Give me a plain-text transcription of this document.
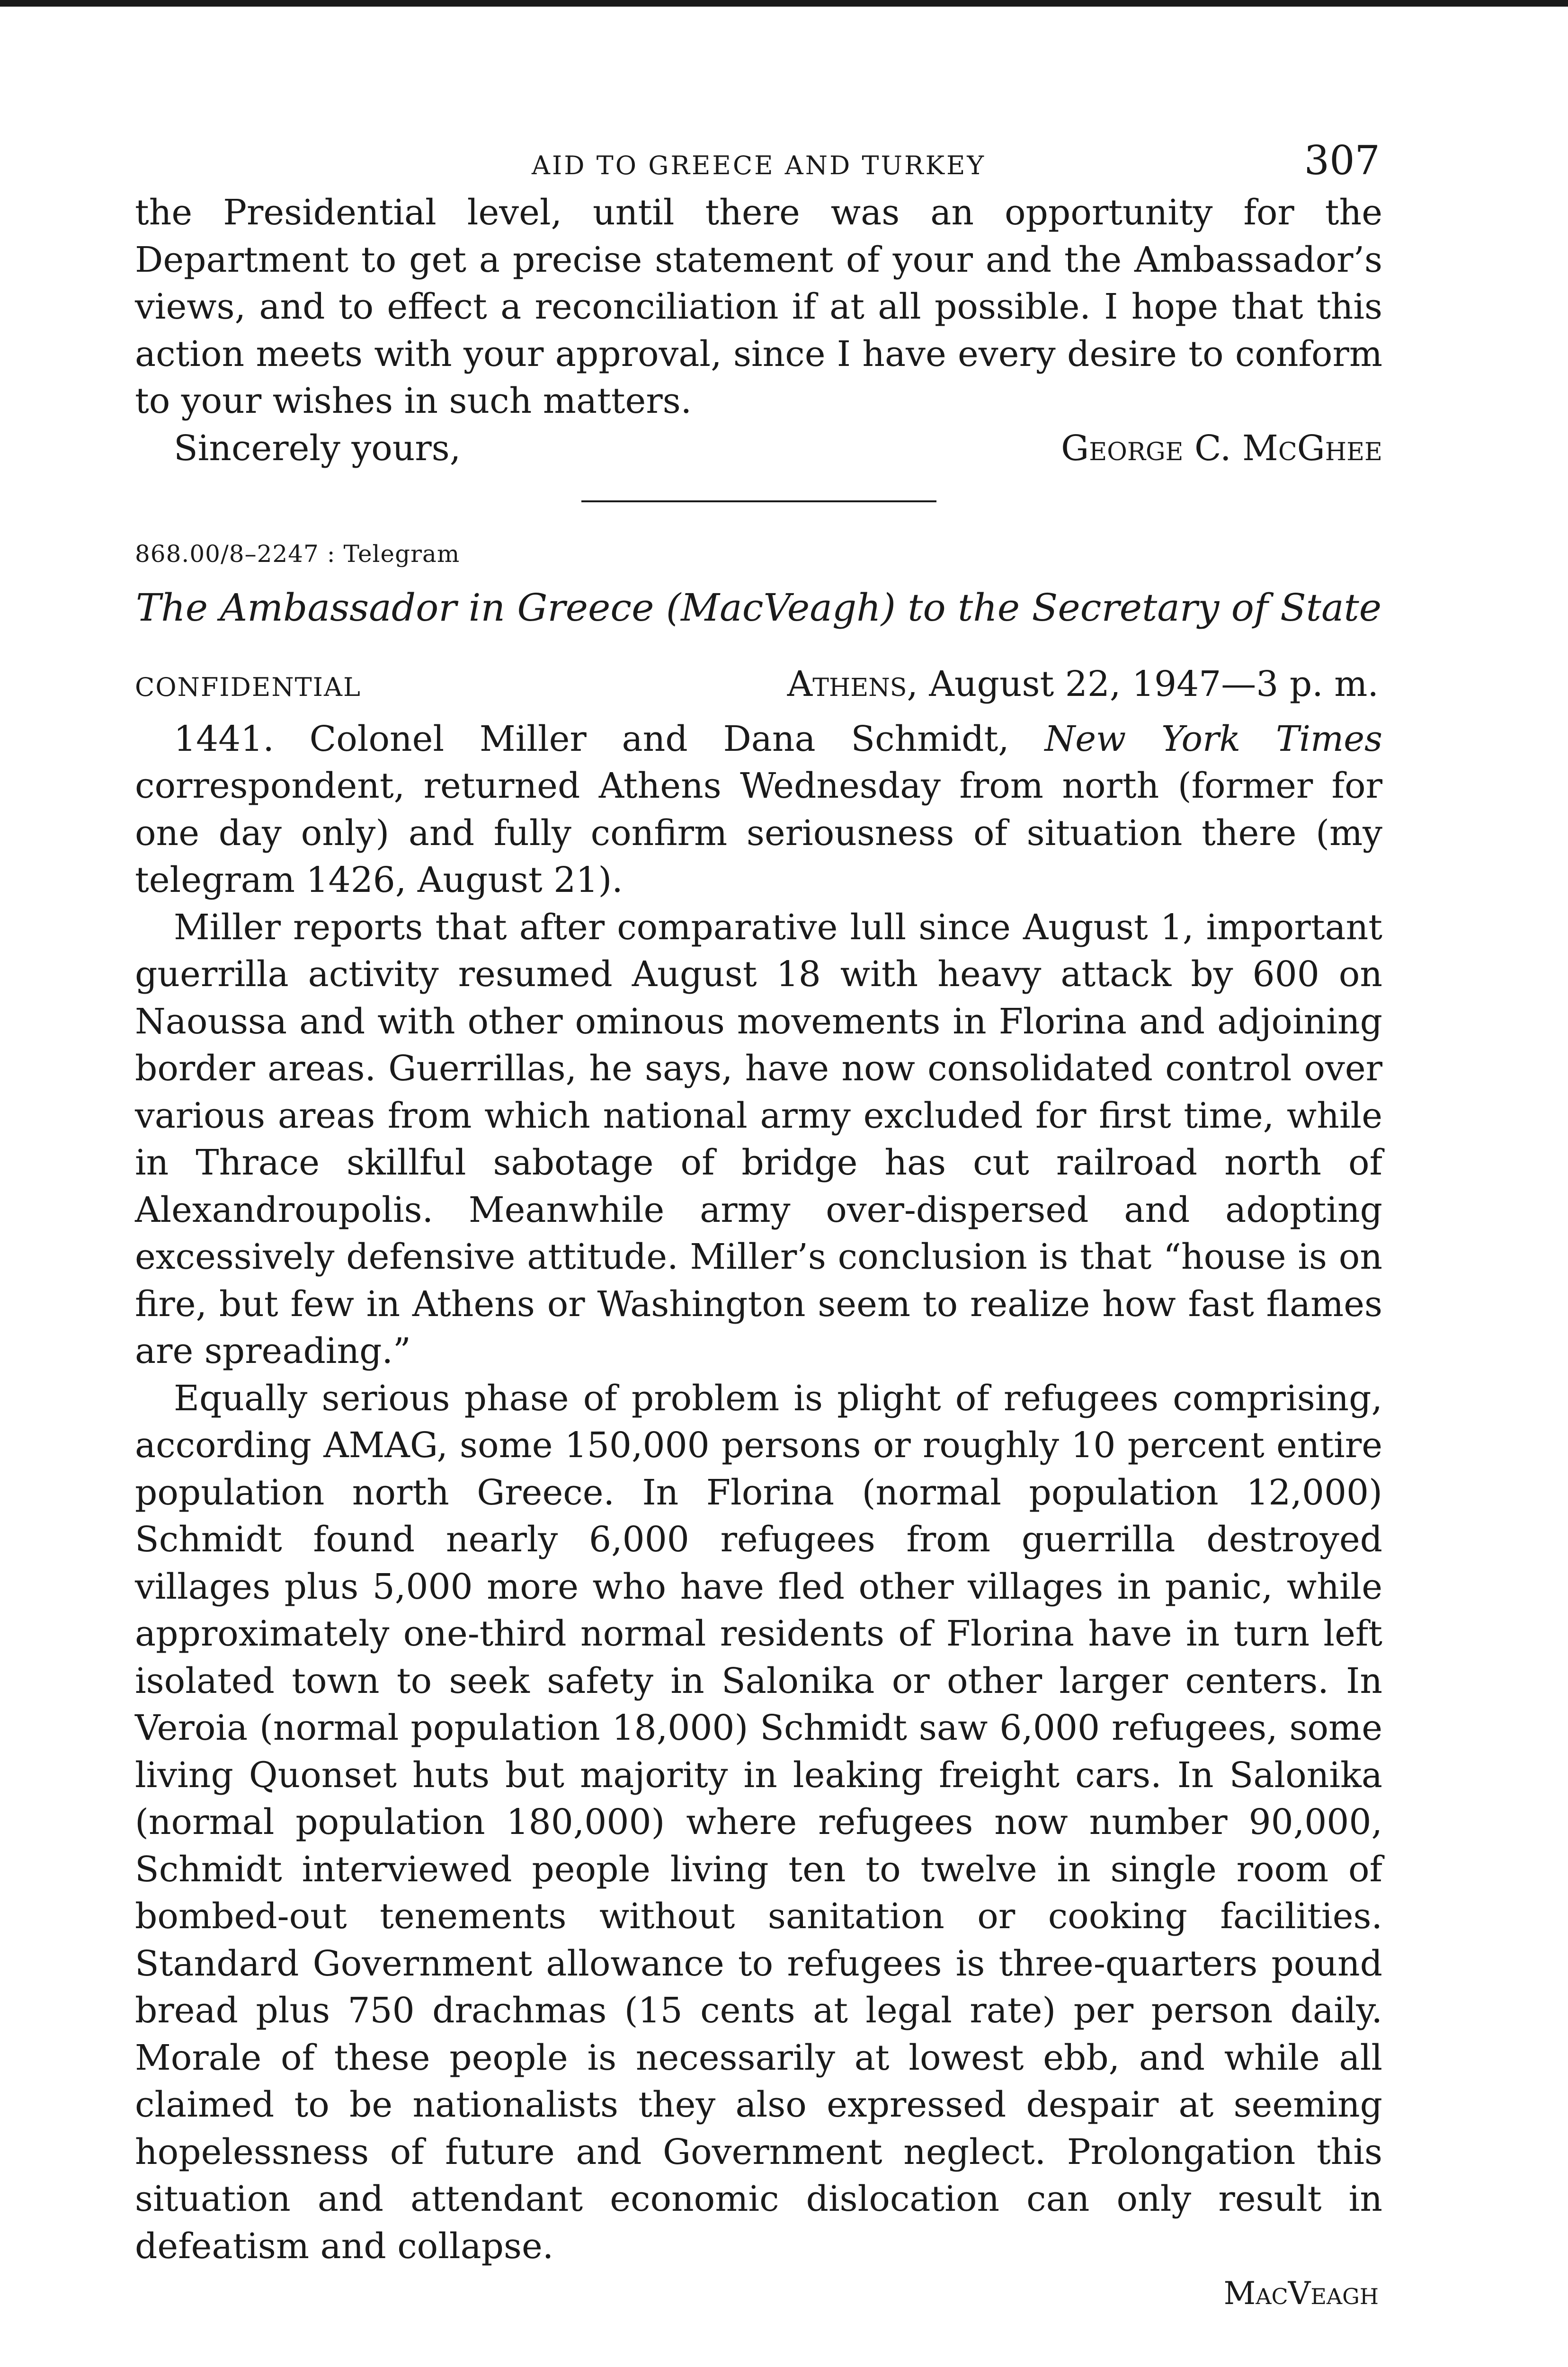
AID TO GREECE AND TURKEY	307

the Presidential level, until there was an opportunity for the Department to get a precise statement of your and the Ambassador’s views, and to effect a reconciliation if at all possible. I hope that this action meets with your approval, since I have every desire to conform to your wishes in such matters.

Sincerely yours,	George C. McGhee
868.00/8–2247 : Telegram
The Ambassador in Greece (MacVeagh) to the Secretary of State
CONFIDENTIAL	Athens, August 22, 1947—3 p. m.

1441. Colonel Miller and Dana Schmidt, New York Times correspondent, returned Athens Wednesday from north (former for one day only) and fully confirm seriousness of situation there (my telegram 1426, August 21).

Miller reports that after comparative lull since August 1, important guerrilla activity resumed August 18 with heavy attack by 600 on Naoussa and with other ominous movements in Florina and adjoining border areas. Guerrillas, he says, have now consolidated control over various areas from which national army excluded for first time, while in Thrace skillful sabotage of bridge has cut railroad north of Alexandroupolis. Meanwhile army over-dispersed and adopting excessively defensive attitude. Miller’s conclusion is that “house is on fire, but few in Athens or Washington seem to realize how fast flames are spreading.”

Equally serious phase of problem is plight of refugees comprising, according AMAG, some 150,000 persons or roughly 10 percent entire population north Greece. In Florina (normal population 12,000) Schmidt found nearly 6,000 refugees from guerrilla destroyed villages plus 5,000 more who have fled other villages in panic, while approximately one-third normal residents of Florina have in turn left isolated town to seek safety in Salonika or other larger centers. In Veroia (normal population 18,000) Schmidt saw 6,000 refugees, some living Quonset huts but majority in leaking freight cars. In Salonika (normal population 180,000) where refugees now number 90,000, Schmidt interviewed people living ten to twelve in single room of bombed-out tenements without sanitation or cooking facilities. Standard Government allowance to refugees is three-quarters pound bread plus 750 drachmas (15 cents at legal rate) per person daily. Morale of these people is necessarily at lowest ebb, and while all claimed to be nationalists they also expressed despair at seeming hopelessness of future and Government neglect. Prolongation this situation and attendant economic dislocation can only result in defeatism and collapse.

MacVeagh
